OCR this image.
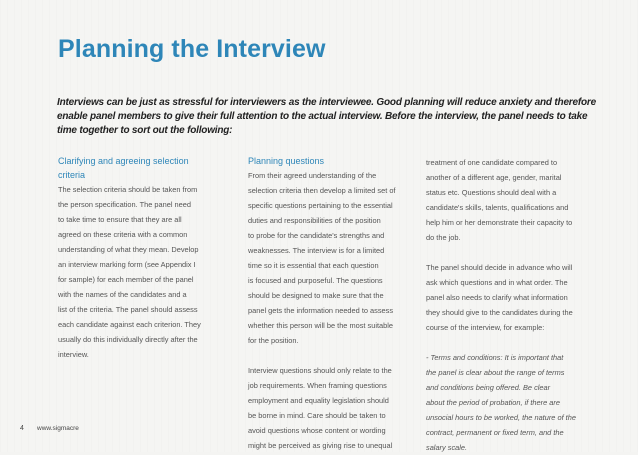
Planning the Interview
Interviews can be just as stressful for interviewers as the interviewee. Good planning will reduce anxiety and therefore
enable panel members to give their full attention to the actual interview. Before the interview, the panel needs to take
time together to sort out the following:
Clarifying and agreeing selection
criteria
The selection criteria should be taken from
the person specification. The panel need
to take time to ensure that they are all
agreed on these criteria with a common
understanding of what they mean. Develop
an interview marking form (see Appendix I
for sample) for each member of the panel
with the names of the candidates and a
list of the criteria. The panel should assess
each candidate against each criterion. They
usually do this individually directly after the
interview.
Planning questions
From their agreed understanding of the
selection criteria then develop a limited set of
specific questions pertaining to the essential
duties and responsibilities of the position
to probe for the candidate's strengths and
weaknesses. The interview is for a limited
time so it is essential that each question
is focused and purposeful. The questions
should be designed to make sure that the
panel gets the information needed to assess
whether this person will be the most suitable
for the position.
Interview questions should only relate to the
job requirements. When framing questions
employment and equality legislation should
be borne in mind. Care should be taken to
avoid questions whose content or wording
might be perceived as giving rise to unequal
treatment of one candidate compared to
another of a different age, gender, marital
status etc. Questions should deal with a
candidate's skills, talents, qualifications and
help him or her demonstrate their capacity to
do the job.
The panel should decide in advance who will
ask which questions and in what order. The
panel also needs to clarify what information
they should give to the candidates during the
course of the interview, for example:
- Terms and conditions: It is important that
the panel is clear about the range of terms
and conditions being offered. Be clear
about the period of probation, if there are
unsocial hours to be worked, the nature of the
contract, permanent or fixed term, and the
salary scale.
4 www.sigmacre
